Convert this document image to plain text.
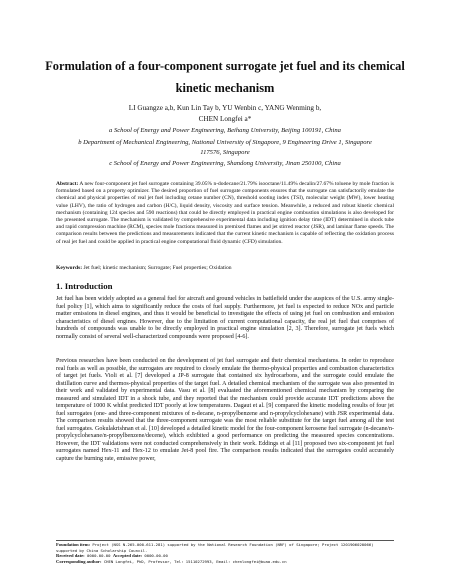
Formulation of a four-component surrogate jet fuel and its chemical
kinetic mechanism
LI Guangze a,b, Kun Lin Tay b, YU Wenbin c, YANG Wenming b,
CHEN Longfei a*
a School of Energy and Power Engineering, Beihang University, Beijing 100191, China
b Department of Mechanical Engineering, National University of Singapore, 9 Engineering Drive 1, Singapore
117576, Singapore
c School of Energy and Power Engineering, Shandong University, Jinan 250100, China
Abstract: A new four-component jet fuel surrogate containing 39.05% n-dodecane/21.79% isooctane/11.49% decalin/27.67% toluene by mole fraction is formulated based on a property optimizer. The desired proportion of fuel surrogate components ensures that the surrogate can satisfactorily emulate the chemical and physical properties of real jet fuel including cetane number (CN), threshold sooting index (TSI), molecular weight (MW), lower heating value (LHV), the ratio of hydrogen and carbon (H/C), liquid density, viscosity and surface tension. Meanwhile, a reduced and robust kinetic chemical mechanism (containing 124 species and 590 reactions) that could be directly employed in practical engine combustion simulations is also developed for the presented surrogate. The mechanism is validated by comprehensive experimental data including ignition delay time (IDT) determined in shock tube and rapid compression machine (RCM), species mole fractions measured in premixed flames and jet stirred reactor (JSR), and laminar flame speeds. The comparison results between the predictions and measurements indicated that the current kinetic mechanism is capable of reflecting the oxidation process of real jet fuel and could be applied in practical engine computational fluid dynamic (CFD) simulation.
Keywords: Jet fuel; kinetic mechanism; Surrogate; Fuel properties; Oxidation
1. Introduction
Jet fuel has been widely adopted as a general fuel for aircraft and ground vehicles in battlefield under the auspices of the U.S. army single-fuel policy [1], which aims to significantly reduce the costs of fuel supply. Furthermore, jet fuel is expected to reduce NOx and particle matter emissions in diesel engines, and thus it would be beneficial to investigate the effects of using jet fuel on combustion and emission characteristics of diesel engines. However, due to the limitation of current computational capacity, the real jet fuel that comprises of hundreds of compounds was unable to be directly employed in practical engine simulation [2, 3]. Therefore, surrogate jet fuels which normally consist of several well-characterized compounds were proposed [4-6].
Previous researches have been conducted on the development of jet fuel surrogate and their chemical mechanisms. In order to reproduce real fuels as well as possible, the surrogates are required to closely emulate the thermo-physical properties and combustion characteristics of target jet fuels. Violi et al. [7] developed a JP-8 surrogate that contained six hydrocarbons, and the surrogate could emulate the distillation curve and thermos-physical properties of the target fuel. A detailed chemical mechanism of the surrogate was also presented in their work and validated by experimental data. Vasu et al. [8] evaluated the aforementioned chemical mechanism by comparing the measured and simulated IDT in a shock tube, and they reported that the mechanism could provide accurate IDT predictions above the temperature of 1000 K whilst predicted IDT poorly at low temperatures. Dagaut et al. [9] compared the kinetic modeling results of four jet fuel surrogates (one- and three-component mixtures of n-decane, n-propylbenzene and n-propylcyclohexane) with JSR experimental data. The comparison results showed that the three-component surrogate was the most reliable substitute for the target fuel among all the test fuel surrogates. Gokulakrishnan et al. [10] developed a detailed kinetic model for the four-component kerosene fuel surrogate (n-decane/n-propylcyclohexane/n-propylbenzene/decene), which exhibited a good performance on predicting the measured species concentrations. However, the IDT validations were not conducted comprehensively in their work. Eddings et al [11] proposed two six-component jet fuel surrogates named Hex-11 and Hex-12 to emulate Jet-8 pool fire. The comparison results indicated that the surrogates could accurately capture the burning rate, emissive power,
Foundation item: Project (NSS N-265-000-611-281) supported by the National Research Foundation (NRF) of Singapore; Project 1201906020066) supported by China Scholarship Council.
Received date: 0000-00-00 Accepted date: 0000-00-00
Corresponding author: CHEN Longfei, PhD, Professor, Tel: 15110272993, Email: chenlongfei@buaa.edu.cn
